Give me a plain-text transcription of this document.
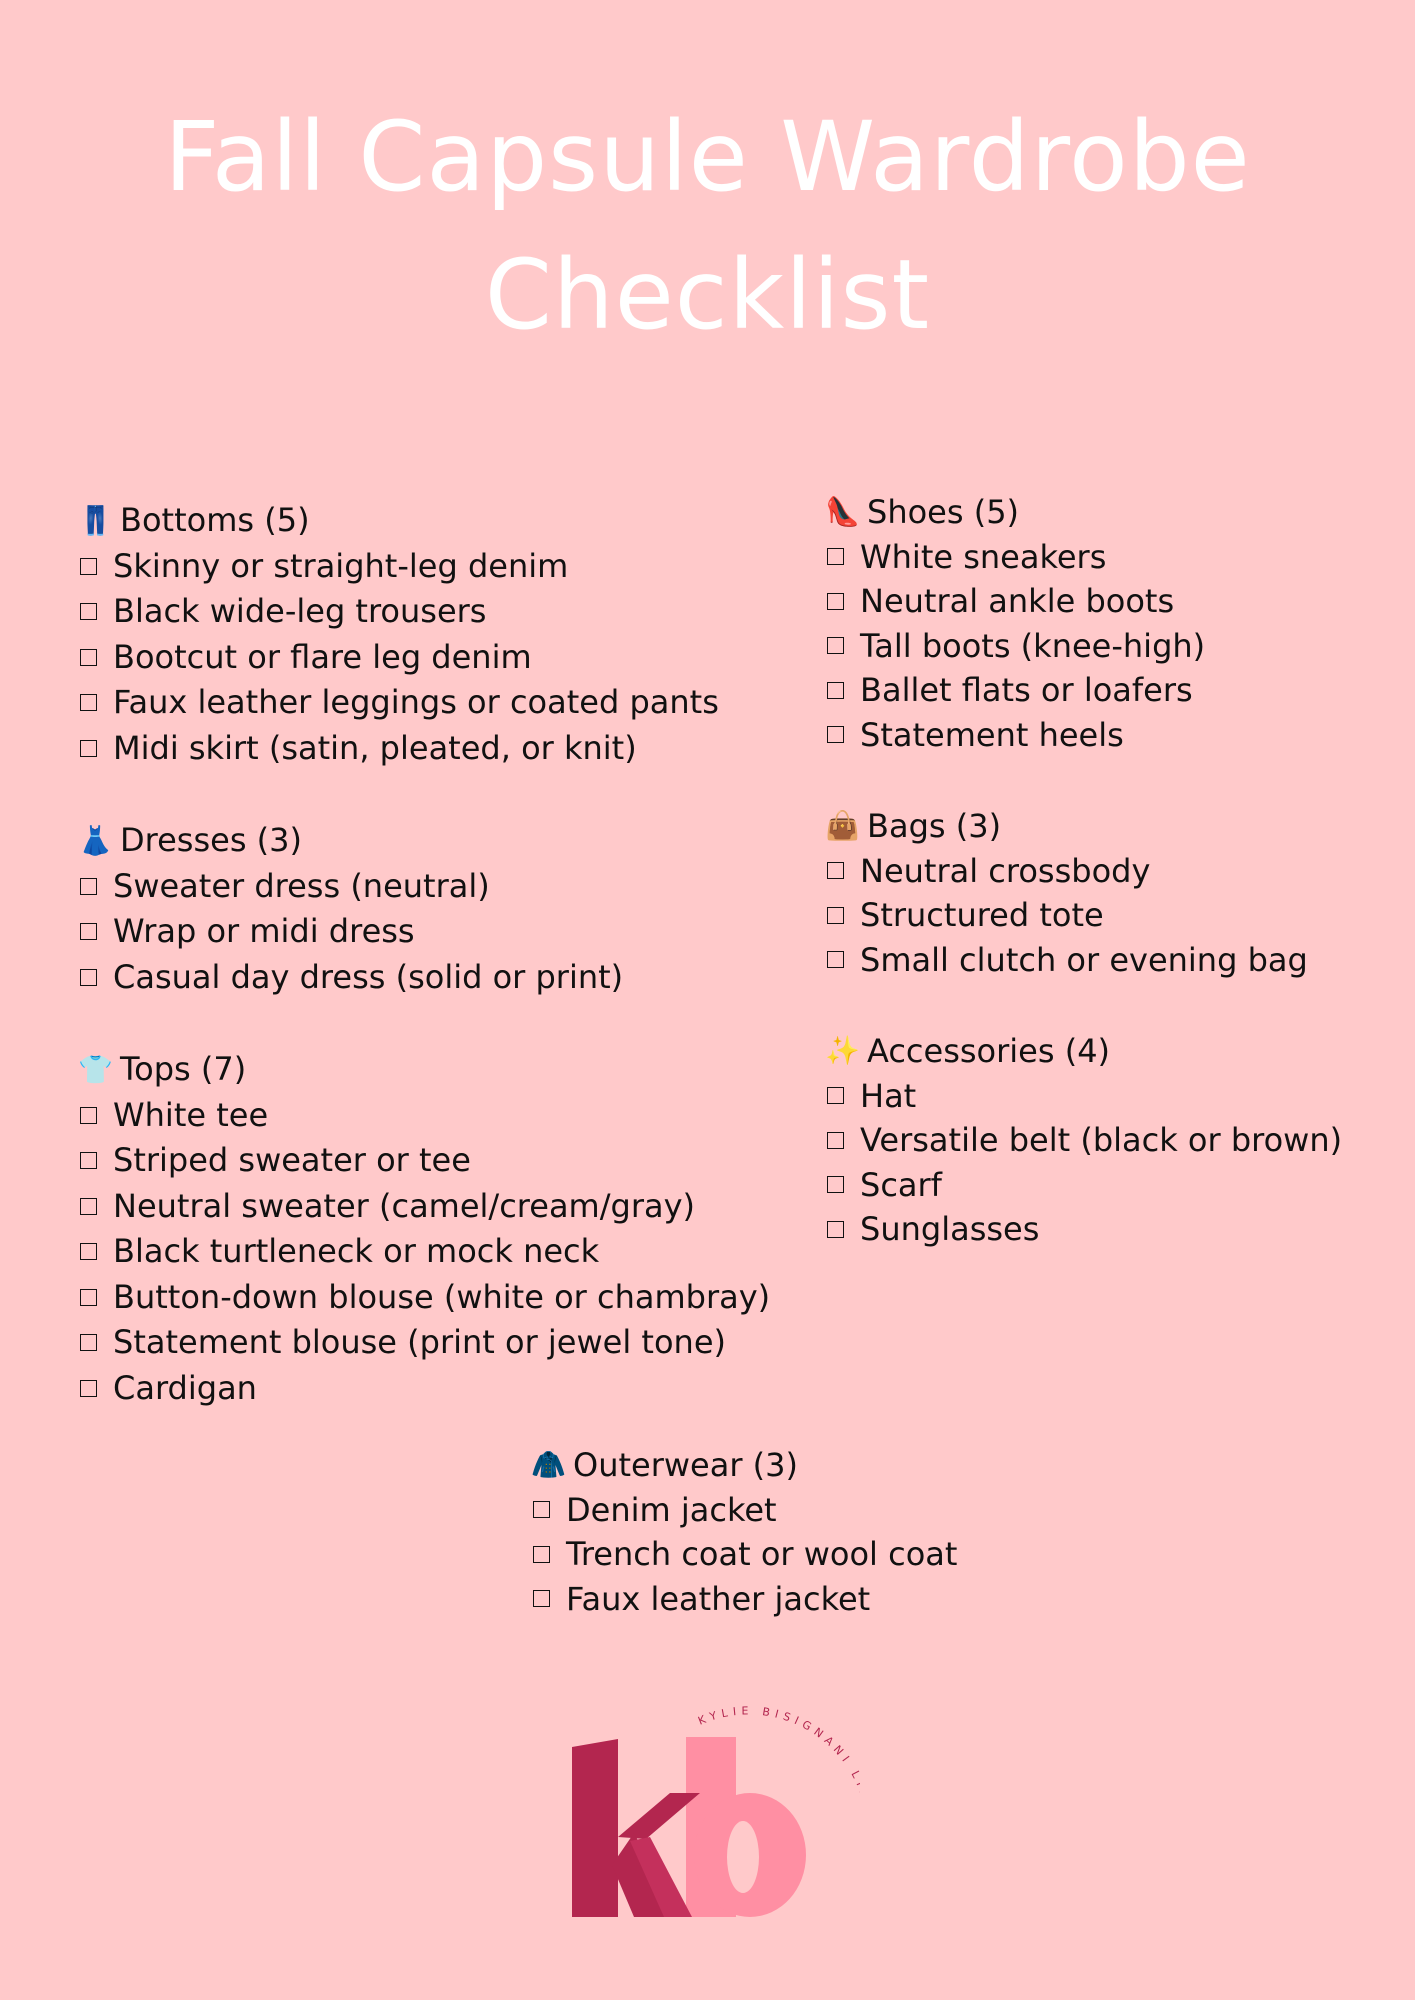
Fall Capsule Wardrobe
Checklist
👖 Bottoms (5)
Skinny or straight-leg denim
Black wide-leg trousers
Bootcut or flare leg denim
Faux leather leggings or coated pants
Midi skirt (satin, pleated, or knit)
👗 Dresses (3)
Sweater dress (neutral)
Wrap or midi dress
Casual day dress (solid or print)
👕 Tops (7)
White tee
Striped sweater or tee
Neutral sweater (camel/cream/gray)
Black turtleneck or mock neck
Button-down blouse (white or chambray)
Statement blouse (print or jewel tone)
Cardigan
👠 Shoes (5)
White sneakers
Neutral ankle boots
Tall boots (knee-high)
Ballet flats or loafers
Statement heels
👜 Bags (3)
Neutral crossbody
Structured tote
Small clutch or evening bag
✨ Accessories (4)
Hat
Versatile belt (black or brown)
Scarf
Sunglasses
🧥 Outerwear (3)
Denim jacket
Trench coat or wool coat
Faux leather jacket
KYLIE BISIGNANI
